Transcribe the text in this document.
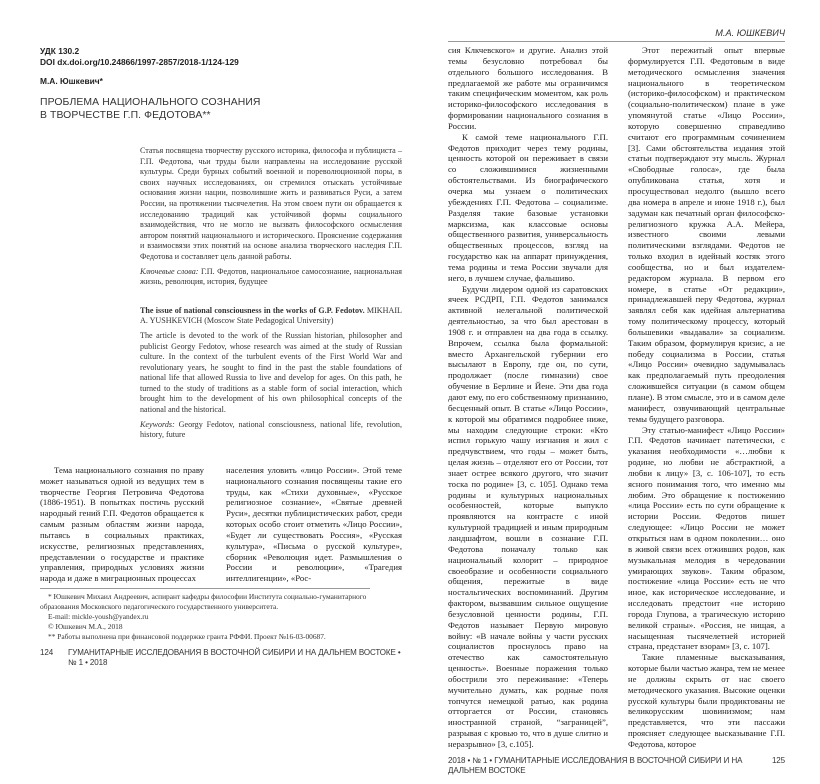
УДК 130.2
DOI dx.doi.org/10.24866/1997-2857/2018-1/124-129
М.А. Юшкевич*
ПРОБЛЕМА НАЦИОНАЛЬНОГО СОЗНАНИЯ
В ТВОРЧЕСТВЕ Г.П. ФЕДОТОВА**

Статья посвящена творчеству русского историка, философа и публициста – Г.П. Федотова, чьи труды были направлены на исследование русской культуры. Среди бурных событий военной и пореволюционной поры, в своих научных исследованиях, он стремился отыскать устойчивые основания жизни нации, позволившие жить и развиваться Руси, а затем России, на протяжении тысячелетия. На этом своем пути он обращается к исследованию традиций как устойчивой формы социального взаимодействия, что не могло не вызвать философского осмысления автором понятий национального и исторического. Прояснение содержания и взаимосвязи этих понятий на основе анализа творческого наследия Г.П. Федотова и составляет цель данной работы.

Ключевые слова: Г.П. Федотов, национальное самосознание, национальная жизнь, революция, история, будущее

The issue of national consciousness in the works of G.P. Fedotov. MIKHAIL A. YUSHKEVICH (Moscow State Pedagogical University)

The article is devoted to the work of the Russian historian, philosopher and publicist Georgy Fedotov, whose research was aimed at the study of Russian culture. In the context of the turbulent events of the First World War and revolutionary years, he sought to find in the past the stable foundations of national life that allowed Russia to live and develop for ages. On this path, he turned to the study of traditions as a stable form of social interaction, which brought him to the development of his own philosophical concepts of the national and the historical.

Keywords: Georgy Fedotov, national consciousness, national life, revolution, history, future

Тема национального сознания по праву может называться одной из ведущих тем в творчестве Георгия Петровича Федотова (1886-1951). В попытках постичь русский народный гений Г.П. Федотов обращается к самым разным областям жизни народа, пытаясь в социальных практиках, искусстве, религиозных представлениях, представлении о государстве и практике управления, природных условиях жизни народа и даже в миграционных процессах

населения уловить «лицо России». Этой теме национального сознания посвящены такие его труды, как «Стихи духовные», «Русское религиозное сознание», «Святые древней Руси», десятки публицистических работ, среди которых особо стоит отметить «Лицо России», «Будет ли существовать Россия», «Русская культура», «Письма о русской культуре», сборник «Революция идет. Размышления о России и революции», «Трагедия интеллигенции», «Рос-

* Юшкевич Михаил Андреевич, аспирант кафедры философии Института социально-гуманитарного образования Московского педагогического государственного университета.

E-mail: mickle-yoush@yandex.ru

© Юшкевич М.А., 2018

** Работы выполнена при финансовой поддержке гранта РФФИ. Проект №16-03-00687.

124	ГУМАНИТАРНЫЕ ИССЛЕДОВАНИЯ В ВОСТОЧНОЙ СИБИРИ И НА ДАЛЬНЕМ ВОСТОКЕ • № 1 • 2018
М.А. ЮШКЕВИЧ

сия Клкчевского» и другие. Анализ этой темы безусловно потребовал бы отдельного большого исследования. В предлагаемой же работе мы ограничимся таким специфическим моментом, как роль историко-философского исследования в формировании национального сознания в России.

К самой теме национального Г.П. Федотов приходит через тему родины, ценность которой он переживает в связи со сложившимися жизненными обстоятельствами. Из биографического очерка мы узнаем о политических убеждениях Г.П. Федотова – социализме. Разделяя такие базовые установки марксизма, как классовые основы общественного развития, универсальность общественных процессов, взгляд на государство как на аппарат принуждения, тема родины и тема России звучали для него, в лучшем случае, фальшиво.

Будучи лидером одной из саратовских ячеек РСДРП, Г.П. Федотов занимался активной нелегальной политической деятельностью, за что был арестован в 1908 г. и отправлен на два года в ссылку. Впрочем, ссылка была формальной: вместо Архангельской губернии его высылают в Европу, где он, по сути, продолжает (после гимназии) свое обучение в Берлине и Йене. Эти два года дают ему, по его собственному признанию, бесценный опыт. В статье «Лицо России», к которой мы обратимся подробнее ниже, мы находим следующие строки: «Кто испил горькую чашу изгнания и жил с предчувствием, что годы – может быть, целая жизнь – отделяют его от России, тот знает острее всякого другого, что значит тоска по родине» [3, с. 105]. Однако тема родины и культурных национальных особенностей, которые выпукло проявляются на контрасте с иной культурной традицией и иным природным ландшафтом, вошли в сознание Г.П. Федотова поначалу только как национальный колорит – природное своеобразие и особенности социального общения, пережитые в виде ностальгических воспоминаний. Другим фактором, вызвавшим сильное ощущение безусловной ценности родины, Г.П. Федотов называет Первую мировую войну: «В начале войны у части русских социалистов проснулось право на отечество как самостоятельную ценность». Военные поражения только обострили это переживание: «Теперь мучительно думать, как родные поля топчутся немецкой ратью, как родина отторгается от России, становясь иностранной страной, “заграницей”, разрывая с кровью то, что в душе слитно и неразрывно» [3, с.105].

Этот пережитый опыт впервые формулируется Г.П. Федотовым в виде методического осмысления значения национального в теоретическом (историко-философском) и практическом (социально-политическом) плане в уже упомянутой статье «Лицо России», которую совершенно справедливо считают его программным сочинением [3]. Сами обстоятельства издания этой статьи подтверждают эту мысль. Журнал «Свободные голоса», где была опубликована статья, хотя и просуществовал недолго (вышло всего два номера в апреле и июне 1918 г.), был задуман как печатный орган философско-религиозного кружка А.А. Мейера, известного своими левыми политическими взглядами. Федотов не только входил в идейный костяк этого сообщества, но и был издателем-редактором журнала. В первом его номере, в статье «От редакции», принадлежавшей перу Федотова, журнал заявлял себя как идейная альтернатива тому политическому процессу, который большевики «выдавали» за социализм. Таким образом, формулируя кризис, а не победу социализма в России, статья «Лицо России» очевидно задумывалась как предполагаемый путь преодоления сложившейся ситуации (в самом общем плане). В этом смысле, это и в самом деле манифест, озвучивающий центральные темы будущего разговора.

Эту статью-манифест «Лицо России» Г.П. Федотов начинает патетически, с указания необходимости «…любви к родине, но любви не абстрактной, а любви к лицу» [3, с. 106-107], то есть ясного понимания того, что именно мы любим. Это обращение к постижению «лица России» есть по сути обращение к истории России. Федотов пишет следующее: «Лицо России не может открыться нам в одном поколении… оно в живой связи всех отживших родов, как музыкальная мелодия в чередовании умирающих звуков». Таким образом, постижение «лица России» есть не что иное, как историческое исследование, и исследовать предстоит «не историю города Глупова, а трагическую историю великой страны». «Россия, не нищая, а насыщенная тысячелетней историей страна, предстанет взорам» [3, с. 107].

Такие пламенные высказывания, которые были частью жанра, тем не менее не должны скрыть от нас своего методического указания. Высокие оценки русской культуры были продиктованы не великорусским шовинизмом; нам представляется, что эти пассажи проясняет следующее высказывание Г.П. Федотова, которое

2018 • № 1 • ГУМАНИТАРНЫЕ ИССЛЕДОВАНИЯ В ВОСТОЧНОЙ СИБИРИ И НА ДАЛЬНЕМ ВОСТОКЕ
125
